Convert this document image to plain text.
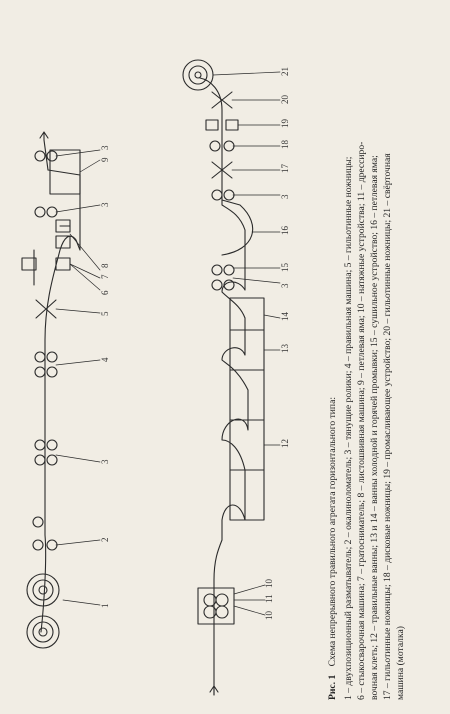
1
2
3
4
5
6
7
8
3
9
3
10
11
10
12
13
14
3
15
16
3
17
18
19
20
21
Рис. 1 Схема непрерывного травильного агрегата горизонтального типа: 1 – двухпозиционный разматыватель; 2 – окалиноломатель; 3 – тянущие ролики; 4 – правильная машина; 5 – гильотинные ножницы; 6 – стыкосварочная машина; 7 – гратосниматель; 8 – листошвивная машина; 9 – петлевая яма; 10 – натяжные устройства; 11 – дрессиро- вочная клеть; 12 – травильные ванны; 13 и 14 – ванны холодной и горячей промывки; 15 – сушильное устройство; 16 – петлевая яма; 17 – гильотинные ножницы; 18 – дисковые ножницы; 19 – промасливающее устройство; 20 – гильотинные ножницы; 21 – свёрточная машина (моталка)
